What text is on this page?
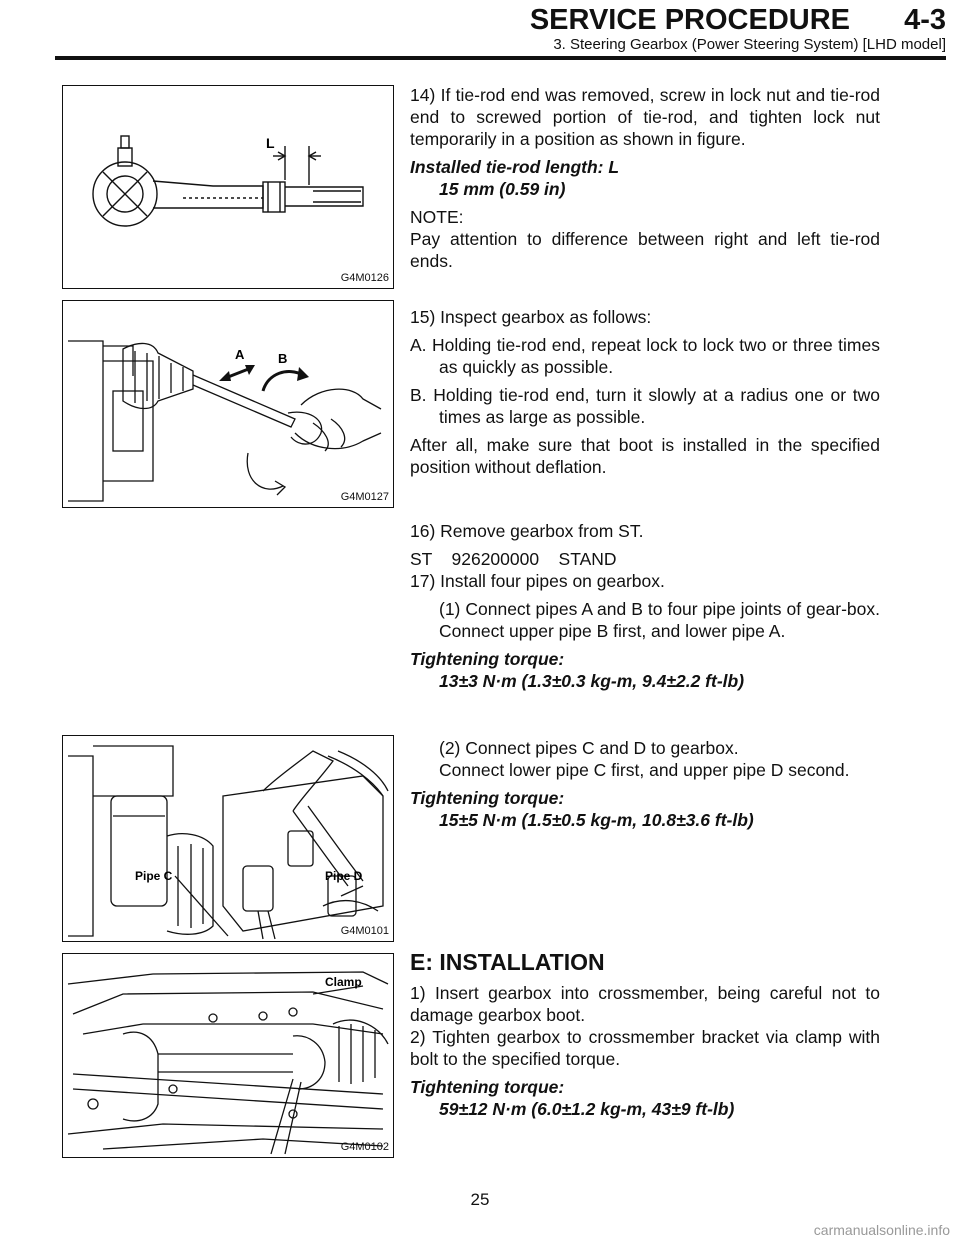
SERVICE PROCEDURE 4-3
3. Steering Gearbox (Power Steering System) [LHD model]
L
G4M0126
A	B
G4M0127
Pipe C	Pipe D
G4M0101
Clamp
G4M0102

14) If tie-rod end was removed, screw in lock nut and tie-rod end to screwed portion of tie-rod, and tighten lock nut temporarily in a position as shown in figure.

Installed tie-rod length: L

15 mm (0.59 in)

NOTE:

Pay attention to difference between right and left tie-rod ends.

15) Inspect gearbox as follows:

A. Holding tie-rod end, repeat lock to lock two or three times as quickly as possible.

B. Holding tie-rod end, turn it slowly at a radius one or two times as large as possible.

After all, make sure that boot is installed in the specified position without deflation.

16) Remove gearbox from ST.

ST    926200000    STAND

17) Install four pipes on gearbox.

(1) Connect pipes A and B to four pipe joints of gear-box. Connect upper pipe B first, and lower pipe A.

Tightening torque:

13±3 N·m (1.3±0.3 kg-m, 9.4±2.2 ft-lb)

(2) Connect pipes C and D to gearbox.

Connect lower pipe C first, and upper pipe D second.

Tightening torque:

15±5 N·m (1.5±0.5 kg-m, 10.8±3.6 ft-lb)

E: INSTALLATION

1) Insert gearbox into crossmember, being careful not to damage gearbox boot.

2) Tighten gearbox to crossmember bracket via clamp with bolt to the specified torque.

Tightening torque:

59±12 N·m (6.0±1.2 kg-m, 43±9 ft-lb)

25
carmanualsonline.info
